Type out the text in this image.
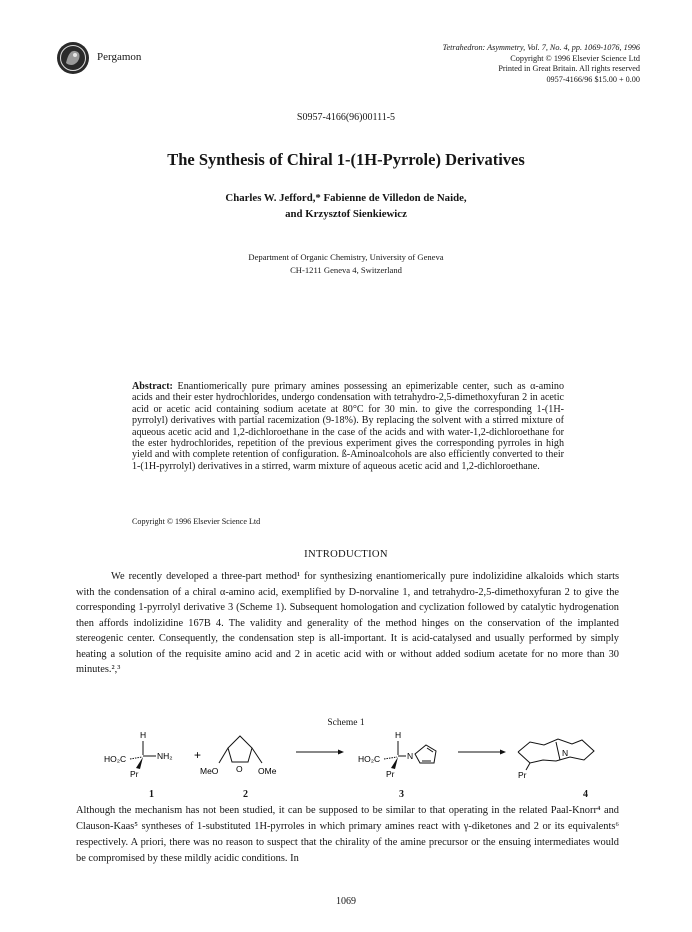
Pergamon
Tetrahedron: Asymmetry, Vol. 7, No. 4, pp. 1069-1076, 1996
Copyright © 1996 Elsevier Science Ltd
Printed in Great Britain. All rights reserved
0957-4166/96 $15.00 + 0.00
S0957-4166(96)00111-5
The Synthesis of Chiral 1-(1H-Pyrrole) Derivatives
Charles W. Jefford,* Fabienne de Villedon de Naide,
and Krzysztof Sienkiewicz
Department of Organic Chemistry, University of Geneva
CH-1211 Geneva 4, Switzerland
Abstract: Enantiomerically pure primary amines possessing an epimerizable center, such as α-amino acids and their ester hydrochlorides, undergo condensation with tetrahydro-2,5-dimethoxyfuran 2 in acetic acid or acetic acid containing sodium acetate at 80°C for 30 min. to give the corresponding 1-(1H-pyrrolyl) derivatives with partial racemization (9-18%). By replacing the solvent with a stirred mixture of aqueous acetic acid and 1,2-dichloroethane in the case of the acids and with water-1,2-dichloroethane for the ester hydrochlorides, repetition of the previous experiment gives the corresponding pyrroles in high yield and with complete retention of configuration. ß-Aminoalcohols are also efficiently converted to their 1-(1H-pyrrolyl) derivatives in a stirred, warm mixture of aqueous acetic acid and 1,2-dichloroethane.
Copyright © 1996 Elsevier Science Ltd
INTRODUCTION

We recently developed a three-part method¹ for synthesizing enantiomerically pure indolizidine alkaloids which starts with the condensation of a chiral α-amino acid, exemplified by D-norvaline 1, and tetrahydro-2,5-dimethoxyfuran 2 to give the corresponding 1-pyrrolyl derivative 3 (Scheme 1). Subsequent homologation and cyclization followed by catalytic hydrogenation then affords indolizidine 167B 4. The validity and generality of the method hinges on the conservation of the implanted stereogenic center. Consequently, the condensation step is all-important. It is acid-catalysed and usually performed by simply heating a solution of the requisite amino acid and 2 in acetic acid with or without added sodium acetate for no more than 30 minutes.²,³

Scheme 1
H
HO₂C	NH₂
Pr
+
MeO O OMe
H
HO₂C	N
Pr
N
Pr
1	2	3	4

Although the mechanism has not been studied, it can be supposed to be similar to that operating in the related Paal-Knorr⁴ and Clauson-Kaas⁵ syntheses of 1-substituted 1H-pyrroles in which primary amines react with γ-diketones and 2 or its equivalents⁶ respectively. A priori, there was no reason to suspect that the chirality of the amine precursor or the ensuing intermediates would be compromised by these mildly acidic conditions. In

1069
